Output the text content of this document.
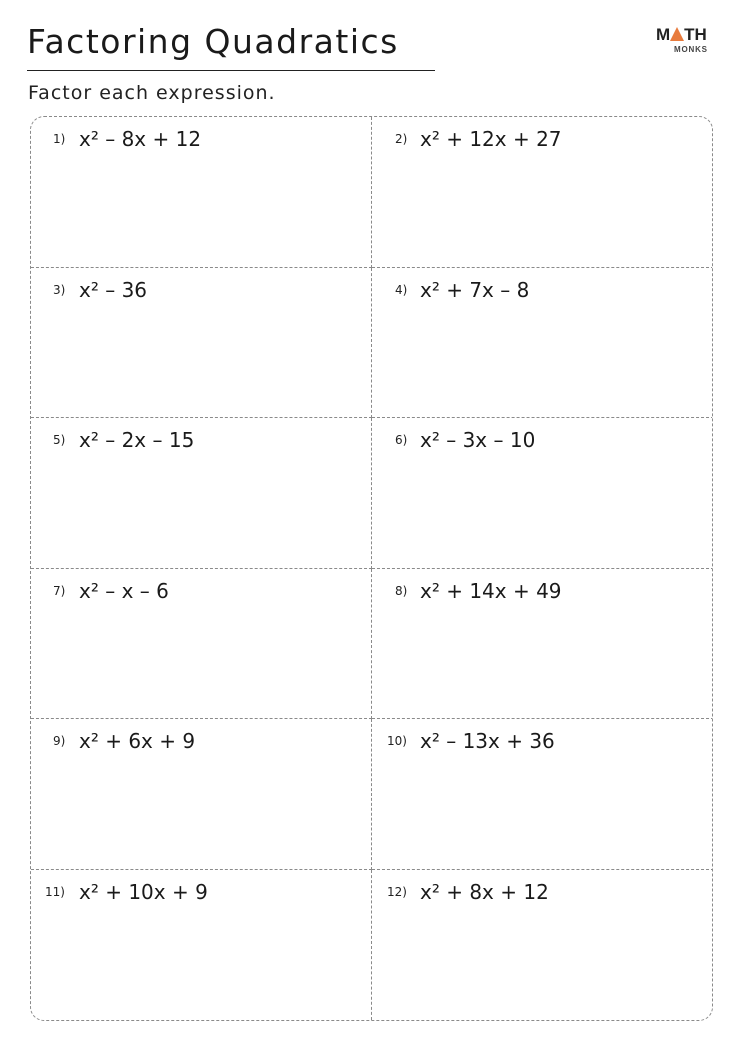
Factoring Quadratics

Factor each expression.

M TH
MONKS
1) x² – 8x + 12	2) x² + 12x + 27
3) x² – 36	4) x² + 7x – 8
5) x² – 2x – 15	6) x² – 3x – 10
7) x² – x – 6	8) x² + 14x + 49
9) x² + 6x + 9	10) x² – 13x + 36
11) x² + 10x + 9	12) x² + 8x + 12
